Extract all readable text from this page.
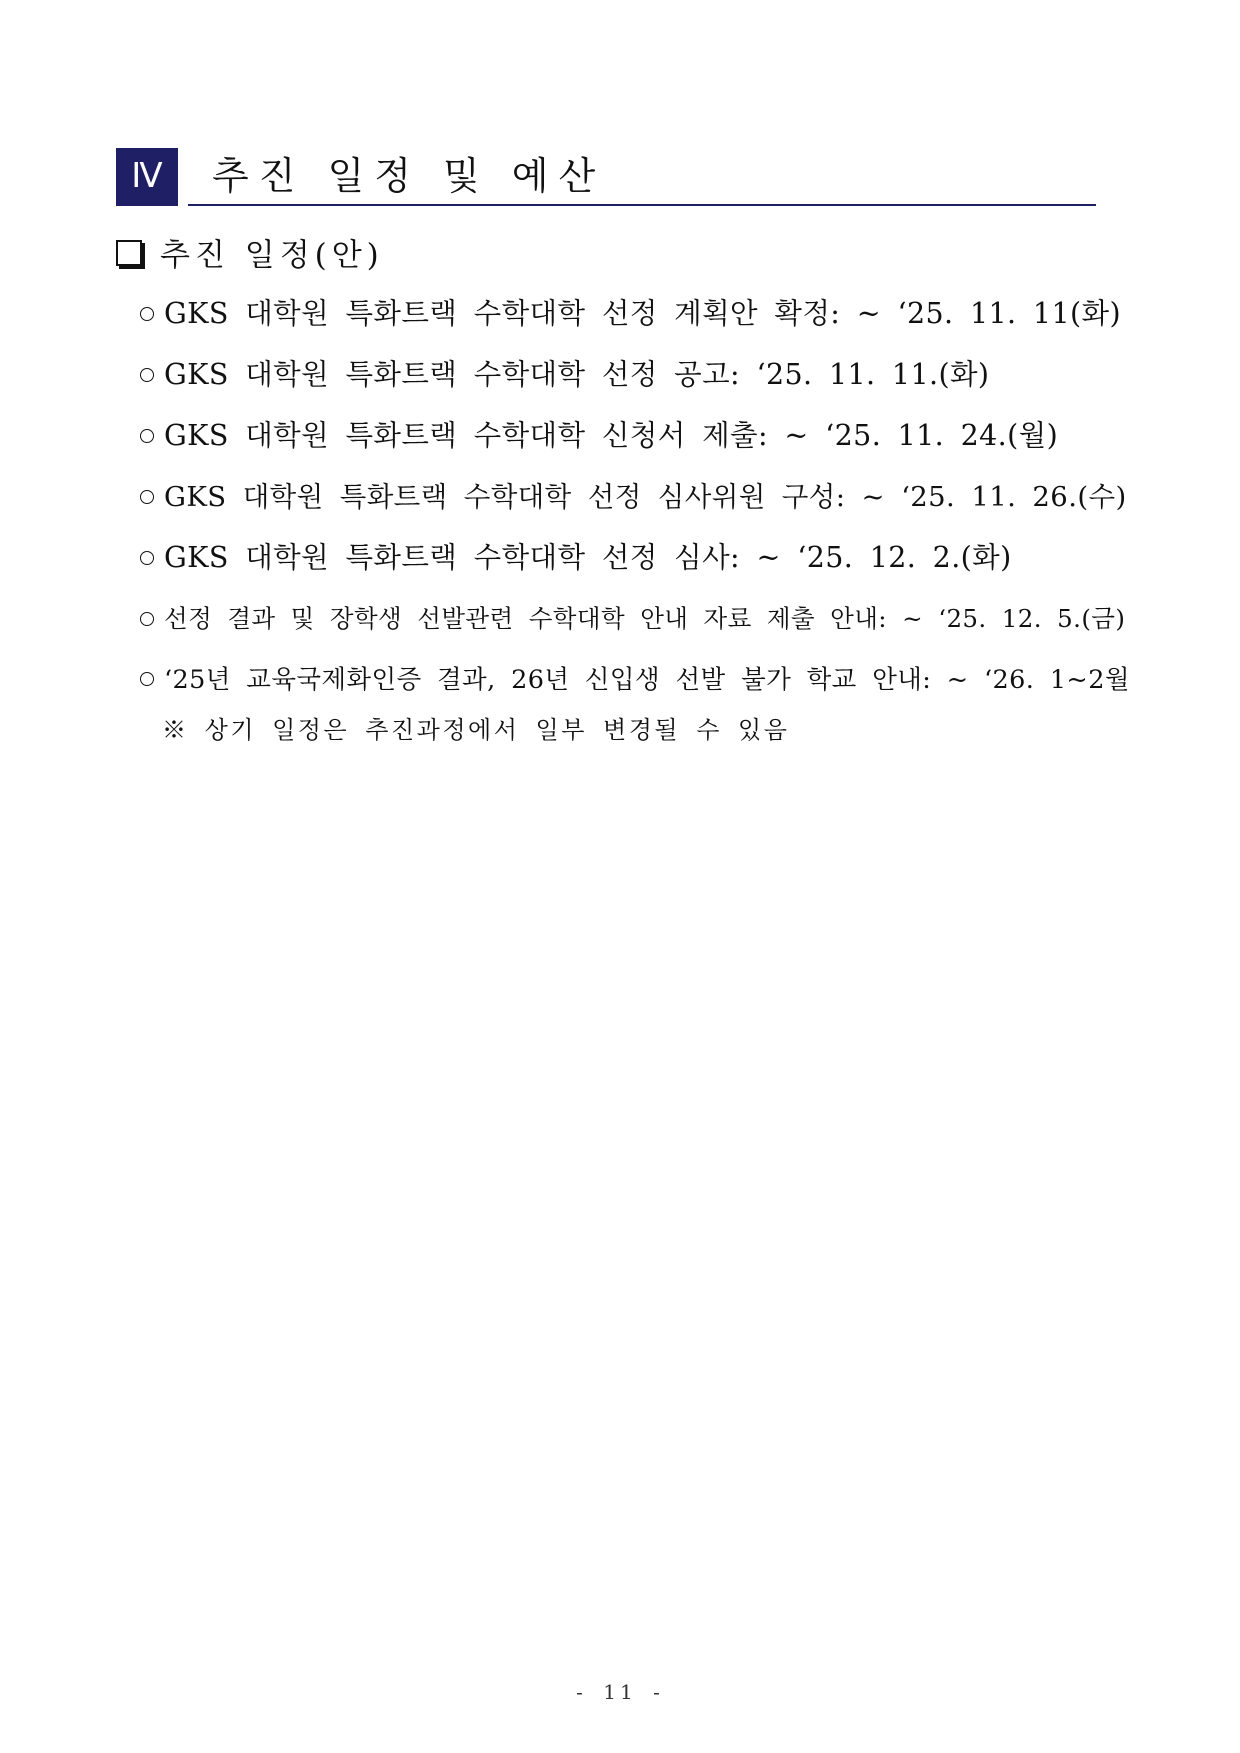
Ⅳ	추진 일정 및 예산
추진 일정(안)
GKS 대학원 특화트랙 수학대학 선정 계획안 확정: ~ ‘25. 11. 11(화)
GKS 대학원 특화트랙 수학대학 선정 공고: ‘25. 11. 11.(화)
GKS 대학원 특화트랙 수학대학 신청서 제출: ~ ‘25. 11. 24.(월)
GKS 대학원 특화트랙 수학대학 선정 심사위원 구성: ~ ‘25. 11. 26.(수)
GKS 대학원 특화트랙 수학대학 선정 심사: ~ ‘25. 12. 2.(화)
선정 결과 및 장학생 선발관련 수학대학 안내 자료 제출 안내: ~ ‘25. 12. 5.(금)
‘25년 교육국제화인증 결과, 26년 신입생 선발 불가 학교 안내: ~ ‘26. 1~2월
※ 상기 일정은 추진과정에서 일부 변경될 수 있음
- 11 -
